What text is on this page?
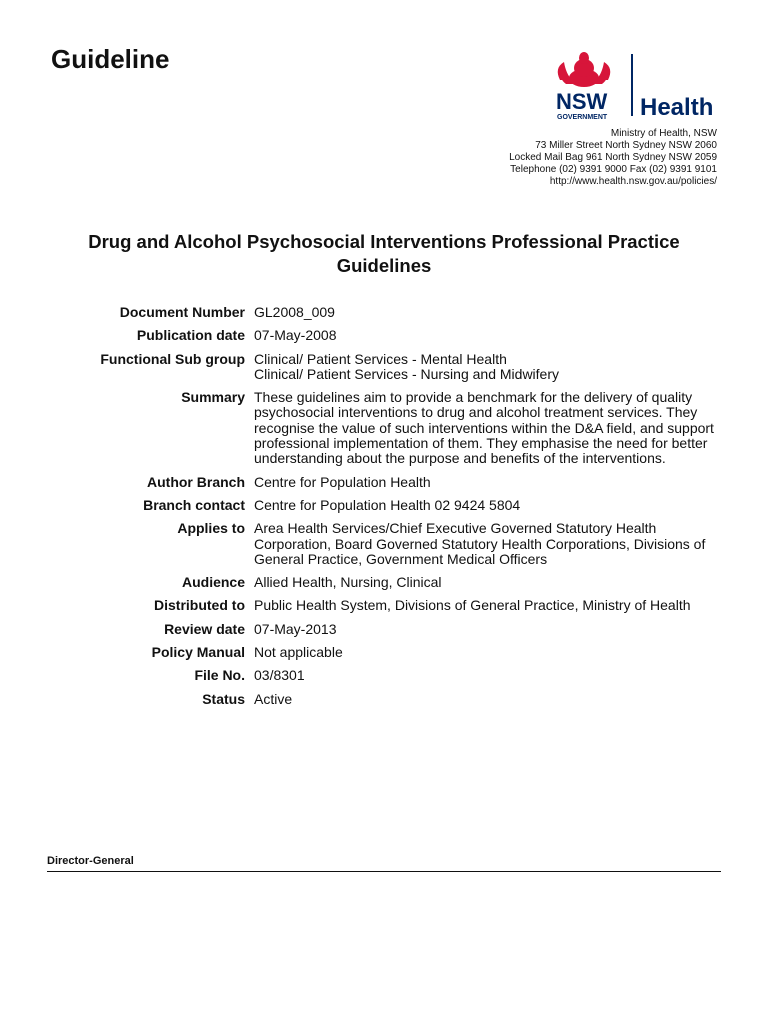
Guideline
NSW
GOVERNMENT Health
Ministry of Health, NSW
73 Miller Street North Sydney NSW 2060
Locked Mail Bag 961 North Sydney NSW 2059
Telephone (02) 9391 9000 Fax (02) 9391 9101
http://www.health.nsw.gov.au/policies/
Drug and Alcohol Psychosocial Interventions Professional Practice Guidelines
Document Number GL2008_009
Publication date 07-May-2008
Functional Sub group Clinical/ Patient Services - Mental Health
Clinical/ Patient Services - Nursing and Midwifery
Summary These guidelines aim to provide a benchmark for the delivery of quality psychosocial interventions to drug and alcohol treatment services. They recognise the value of such interventions within the D&A field, and support professional implementation of them. They emphasise the need for better understanding about the purpose and benefits of the interventions.
Author Branch Centre for Population Health
Branch contact Centre for Population Health 02 9424 5804
Applies to Area Health Services/Chief Executive Governed Statutory Health Corporation, Board Governed Statutory Health Corporations, Divisions of General Practice, Government Medical Officers
Audience Allied Health, Nursing, Clinical
Distributed to Public Health System, Divisions of General Practice, Ministry of Health
Review date 07-May-2013
Policy Manual Not applicable
File No. 03/8301
Status Active
Director-General
